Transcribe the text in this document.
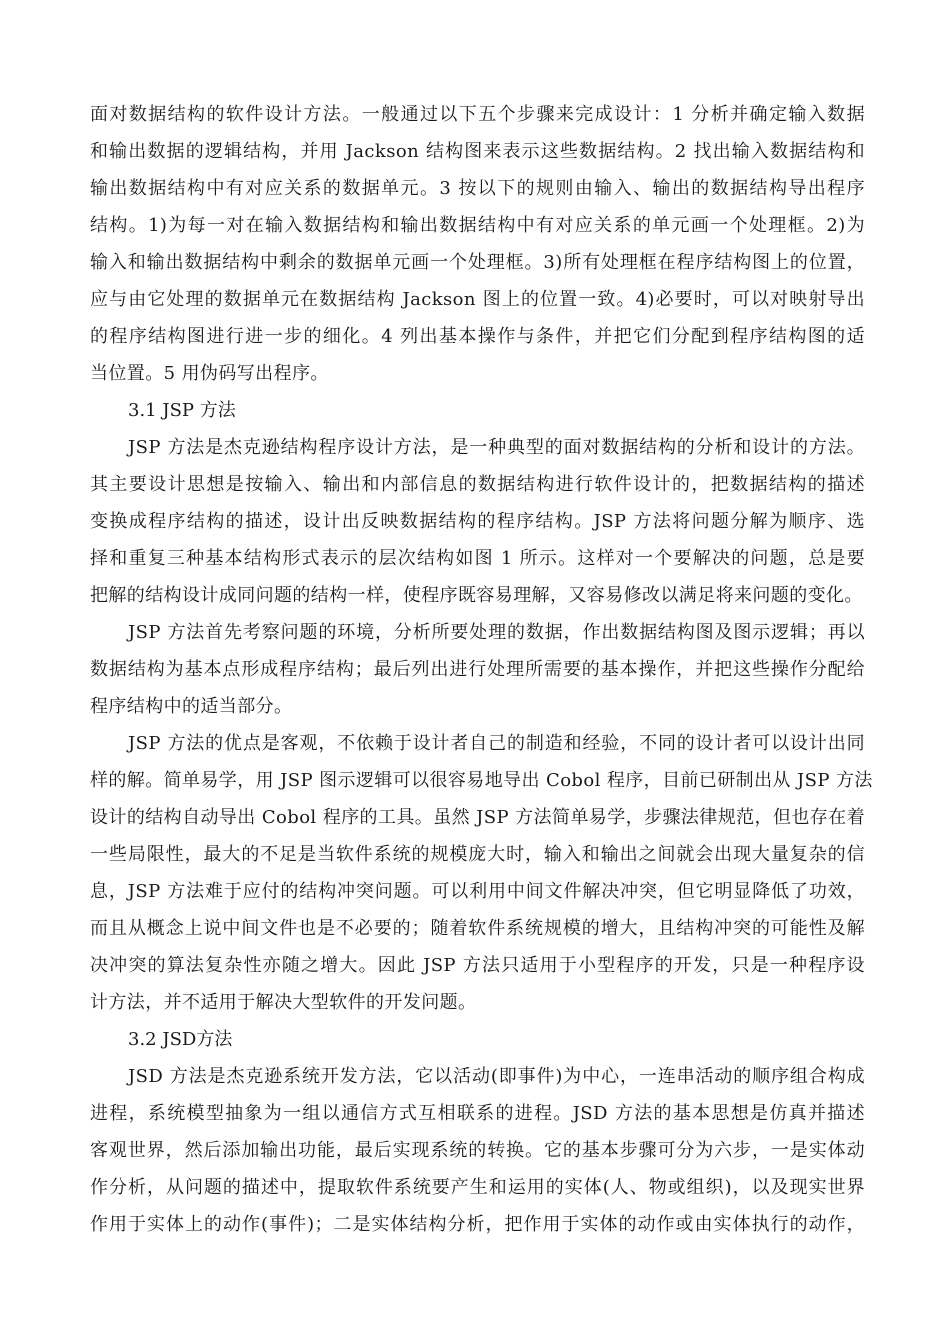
面对数据结构的软件设计方法。一般通过以下五个步骤来完成设计：1 分析并确定输入数据
和输出数据的逻辑结构，并用 Jackson 结构图来表示这些数据结构。2 找出输入数据结构和
输出数据结构中有对应关系的数据单元。3 按以下的规则由输入、输出的数据结构导出程序
结构。1)为每一对在输入数据结构和输出数据结构中有对应关系的单元画一个处理框。2)为
输入和输出数据结构中剩余的数据单元画一个处理框。3)所有处理框在程序结构图上的位置，
应与由它处理的数据单元在数据结构 Jackson 图上的位置一致。4)必要时，可以对映射导出
的程序结构图进行进一步的细化。4 列出基本操作与条件，并把它们分配到程序结构图的适
当位置。5 用伪码写出程序。
3.1 JSP 方法
JSP 方法是杰克逊结构程序设计方法，是一种典型的面对数据结构的分析和设计的方法。
其主要设计思想是按输入、输出和内部信息的数据结构进行软件设计的，把数据结构的描述
变换成程序结构的描述，设计出反映数据结构的程序结构。JSP 方法将问题分解为顺序、选
择和重复三种基本结构形式表示的层次结构如图 1 所示。这样对一个要解决的问题，总是要
把解的结构设计成同问题的结构一样，使程序既容易理解，又容易修改以满足将来问题的变化。
JSP 方法首先考察问题的环境，分析所要处理的数据，作出数据结构图及图示逻辑；再以
数据结构为基本点形成程序结构；最后列出进行处理所需要的基本操作，并把这些操作分配给
程序结构中的适当部分。
JSP 方法的优点是客观，不依赖于设计者自己的制造和经验，不同的设计者可以设计出同
样的解。简单易学，用 JSP 图示逻辑可以很容易地导出 Cobol 程序，目前已研制出从 JSP 方法
设计的结构自动导出 Cobol 程序的工具。虽然 JSP 方法简单易学，步骤法律规范，但也存在着
一些局限性，最大的不足是当软件系统的规模庞大时，输入和输出之间就会出现大量复杂的信
息，JSP 方法难于应付的结构冲突问题。可以利用中间文件解决冲突，但它明显降低了功效，
而且从概念上说中间文件也是不必要的；随着软件系统规模的增大，且结构冲突的可能性及解
决冲突的算法复杂性亦随之增大。因此 JSP 方法只适用于小型程序的开发，只是一种程序设
计方法，并不适用于解决大型软件的开发问题。
3.2 JSD方法
JSD 方法是杰克逊系统开发方法，它以活动(即事件)为中心，一连串活动的顺序组合构成
进程，系统模型抽象为一组以通信方式互相联系的进程。JSD 方法的基本思想是仿真并描述
客观世界，然后添加输出功能，最后实现系统的转换。它的基本步骤可分为六步，一是实体动
作分析，从问题的描述中，提取软件系统要产生和运用的实体(人、物或组织)，以及现实世界
作用于实体上的动作(事件)；二是实体结构分析，把作用于实体的动作或由实体执行的动作，
